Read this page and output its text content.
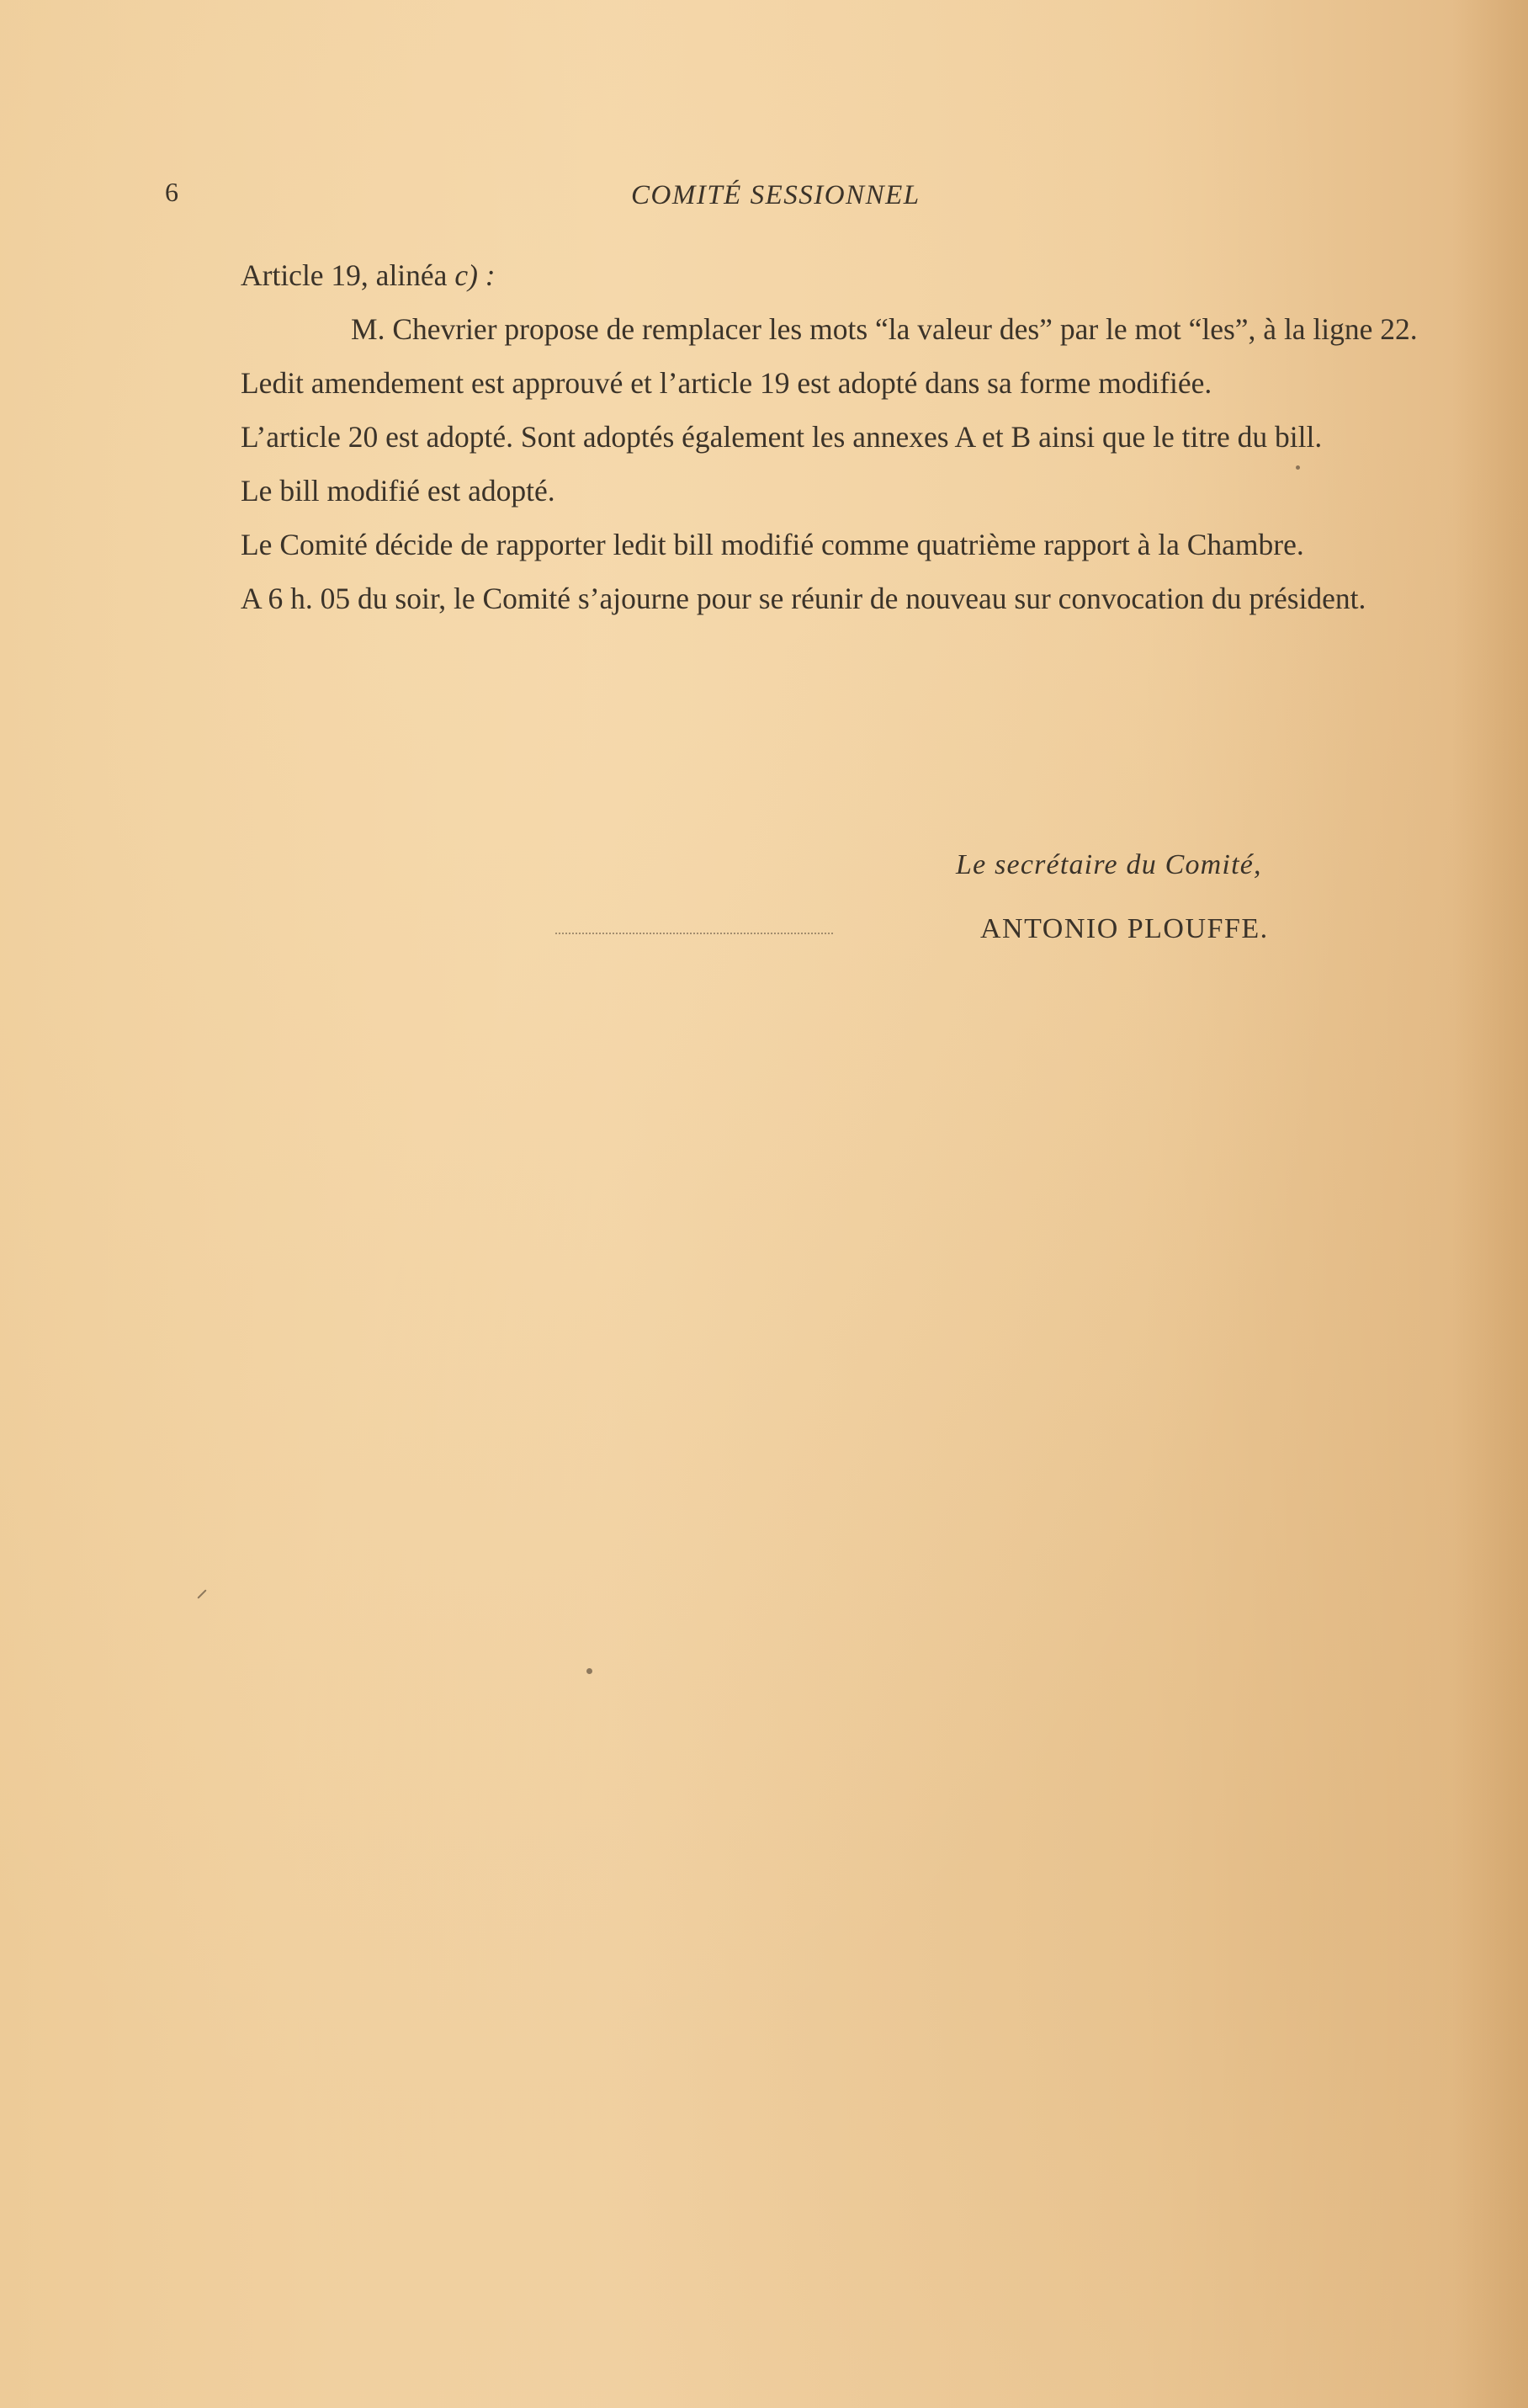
6	COMITÉ SESSIONNEL

Article 19, alinéa c) :

M. Chevrier propose de remplacer les mots “la valeur des” par le mot “les”, à la ligne 22.

Ledit amendement est approuvé et l’article 19 est adopté dans sa forme modifiée.

L’article 20 est adopté. Sont adoptés également les annexes A et B ainsi que le titre du bill.

Le bill modifié est adopté.

Le Comité décide de rapporter ledit bill modifié comme quatrième rapport à la Chambre.

A 6 h. 05 du soir, le Comité s’ajourne pour se réunir de nouveau sur convocation du président.

Le secrétaire du Comité,
ANTONIO PLOUFFE.
